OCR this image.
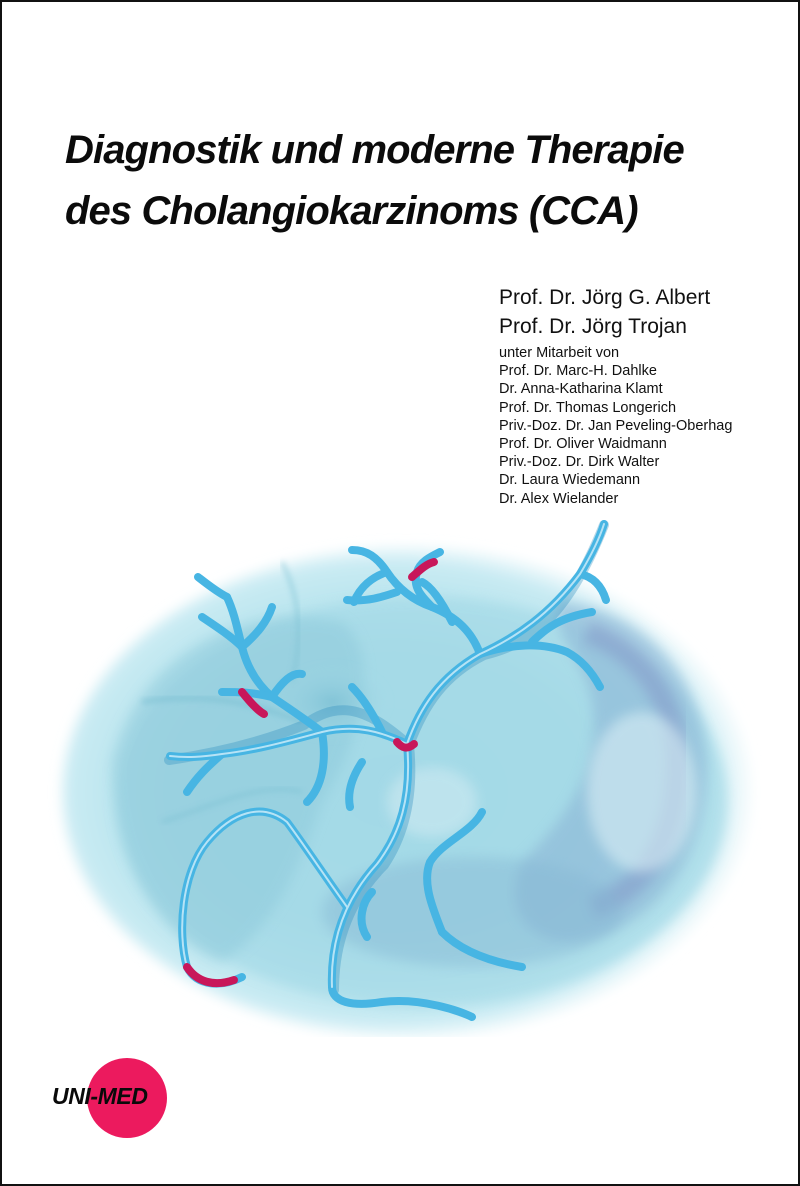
Diagnostik und moderne Therapie
des Cholangiokarzinoms (CCA)
Prof. Dr. Jörg G. Albert
Prof. Dr. Jörg Trojan
unter Mitarbeit von
Prof. Dr. Marc-H. Dahlke
Dr. Anna-Katharina Klamt
Prof. Dr. Thomas Longerich
Priv.-Doz. Dr. Jan Peveling-Oberhag
Prof. Dr. Oliver Waidmann
Priv.-Doz. Dr. Dirk Walter
Dr. Laura Wiedemann
Dr. Alex Wielander
UNI-MED
